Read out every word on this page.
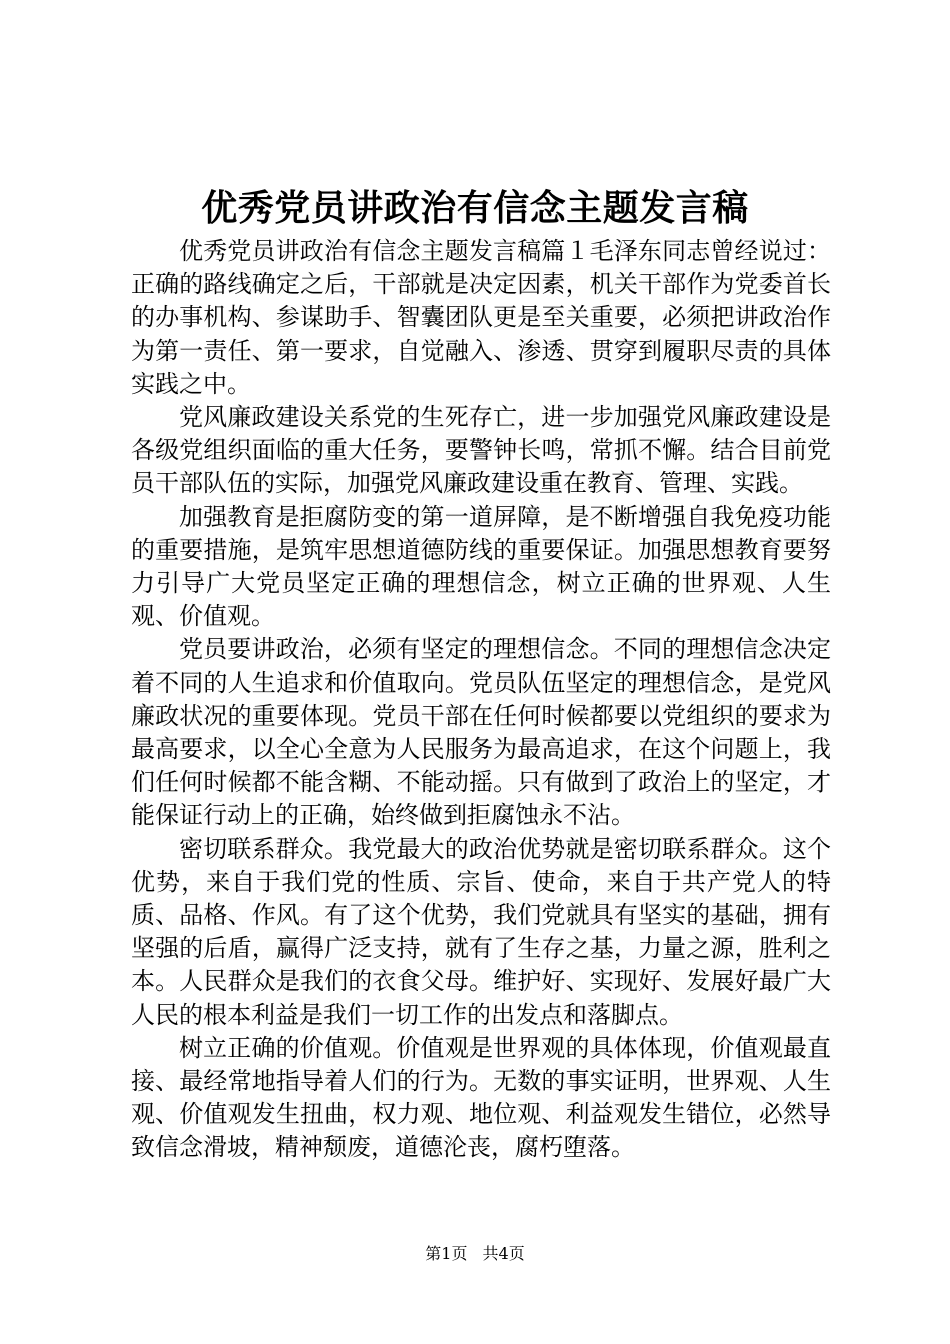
优秀党员讲政治有信念主题发言稿

优秀党员讲政治有信念主题发言稿篇１毛泽东同志曾经说过：正确的路线确定之后，干部就是决定因素，机关干部作为党委首长的办事机构、参谋助手、智囊团队更是至关重要，必须把讲政治作为第一责任、第一要求，自觉融入、渗透、贯穿到履职尽责的具体实践之中。

党风廉政建设关系党的生死存亡，进一步加强党风廉政建设是各级党组织面临的重大任务，要警钟长鸣，常抓不懈。结合目前党员干部队伍的实际，加强党风廉政建设重在教育、管理、实践。

加强教育是拒腐防变的第一道屏障，是不断增强自我免疫功能的重要措施，是筑牢思想道德防线的重要保证。加强思想教育要努力引导广大党员坚定正确的理想信念，树立正确的世界观、人生观、价值观。

党员要讲政治，必须有坚定的理想信念。不同的理想信念决定着不同的人生追求和价值取向。党员队伍坚定的理想信念，是党风廉政状况的重要体现。党员干部在任何时候都要以党组织的要求为最高要求，以全心全意为人民服务为最高追求，在这个问题上，我们任何时候都不能含糊、不能动摇。只有做到了政治上的坚定，才能保证行动上的正确，始终做到拒腐蚀永不沾。

密切联系群众。我党最大的政治优势就是密切联系群众。这个优势，来自于我们党的性质、宗旨、使命，来自于共产党人的特质、品格、作风。有了这个优势，我们党就具有坚实的基础，拥有坚强的后盾，赢得广泛支持，就有了生存之基，力量之源，胜利之本。人民群众是我们的衣食父母。维护好、实现好、发展好最广大人民的根本利益是我们一切工作的出发点和落脚点。

树立正确的价值观。价值观是世界观的具体体现，价值观最直接、最经常地指导着人们的行为。无数的事实证明，世界观、人生观、价值观发生扭曲，权力观、地位观、利益观发生错位，必然导致信念滑坡，精神颓废，道德沦丧，腐朽堕落。

第1页 共4页
